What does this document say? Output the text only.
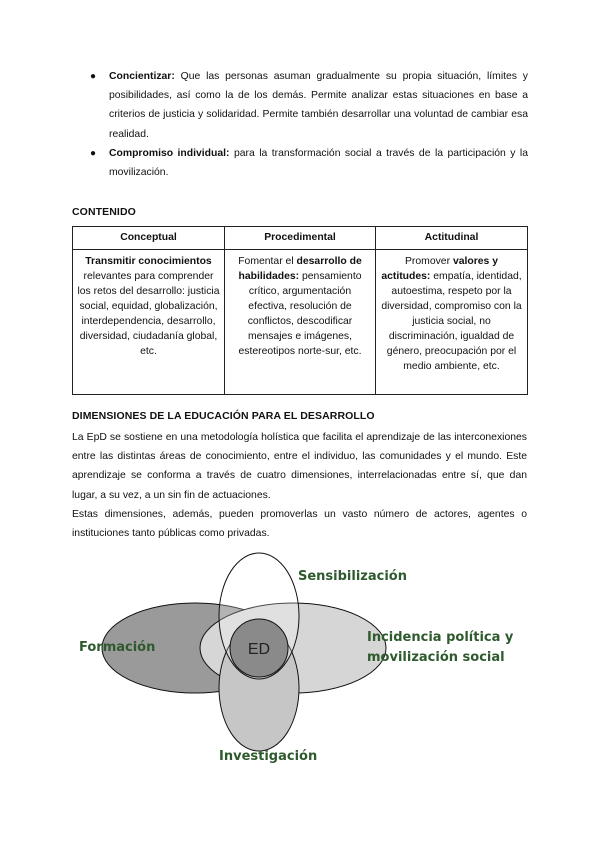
● Concientizar: Que las personas asuman gradualmente su propia situación, límites y posibilidades, así como la de los demás. Permite analizar estas situaciones en base a criterios de justicia y solidaridad. Permite también desarrollar una voluntad de cambiar esa realidad.
● Compromiso individual: para la transformación social a través de la participación y la movilización.
CONTENIDO
Conceptual	Procedimental	Actitudinal
Transmitir conocimientos relevantes para comprender los retos del desarrollo: justicia social, equidad, globalización, interdependencia, desarrollo, diversidad, ciudadanía global, etc.	Fomentar el desarrollo de habilidades: pensamiento crítico, argumentación efectiva, resolución de conflictos, descodificar mensajes e imágenes, estereotipos norte-sur, etc.	Promover valores y actitudes: empatía, identidad, autoestima, respeto por la diversidad, compromiso con la justicia social, no discriminación, igualdad de género, preocupación por el medio ambiente, etc.
DIMENSIONES DE LA EDUCACIÓN PARA EL DESARROLLO

La EpD se sostiene en una metodología holística que facilita el aprendizaje de las interconexiones entre las distintas áreas de conocimiento, entre el individuo, las comunidades y el mundo. Este aprendizaje se conforma a través de cuatro dimensiones, interrelacionadas entre sí, que dan lugar, a su vez, a un sin fin de actuaciones.

Estas dimensiones, además, pueden promoverlas un vasto número de actores, agentes o instituciones tanto públicas como privadas.

ED
Sensibilización
Formación
Incidencia política y
movilización social
Investigación
